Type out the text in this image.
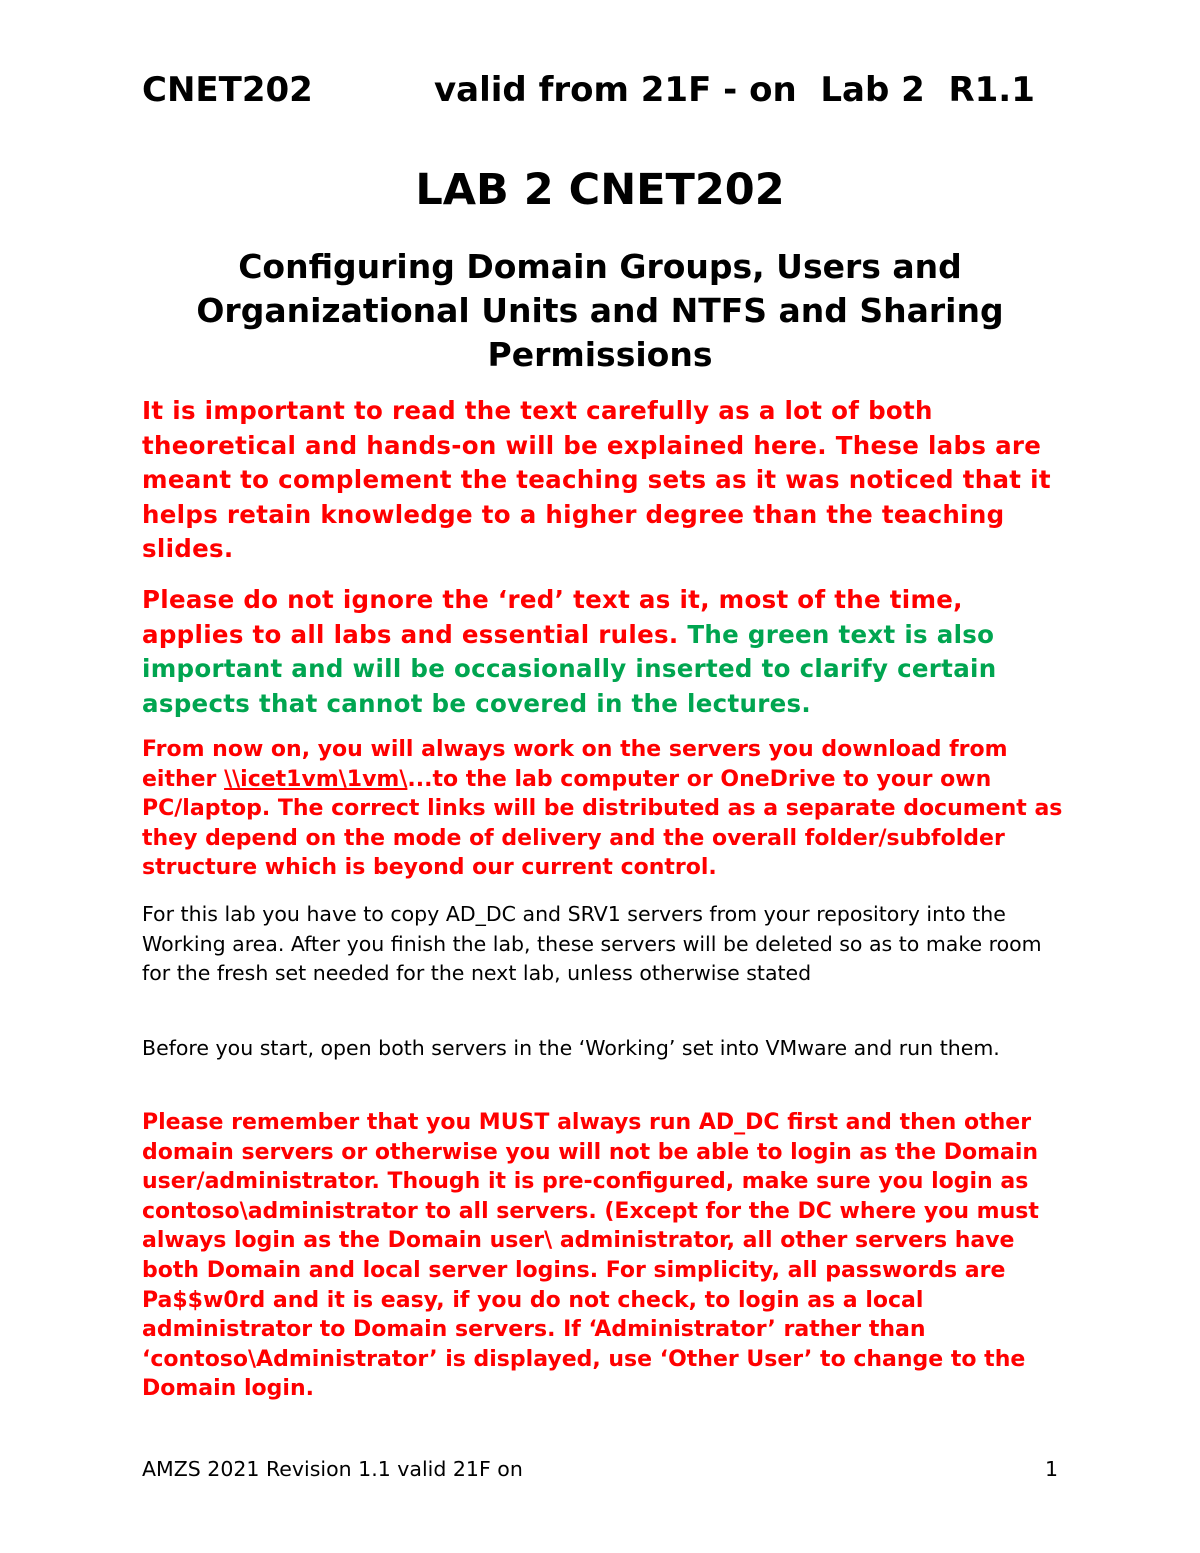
CNET202	valid from 21F - on  Lab 2  R1.1
LAB 2 CNET202
Configuring Domain Groups, Users and Organizational Units and NTFS and Sharing Permissions

It is important to read the text carefully as a lot of both theoretical and hands-on will be explained here. These labs are meant to complement the teaching sets as it was noticed that it helps retain knowledge to a higher degree than the teaching slides.

Please do not ignore the ‘red’ text as it, most of the time, applies to all labs and essential rules. The green text is also important and will be occasionally inserted to clarify certain aspects that cannot be covered in the lectures.

From now on, you will always work on the servers you download from either \\icet1vm\1vm\...to the lab computer or OneDrive to your own PC/laptop. The correct links will be distributed as a separate document as they depend on the mode of delivery and the overall folder/subfolder structure which is beyond our current control.

For this lab you have to copy AD_DC and SRV1 servers from your repository into the Working area. After you finish the lab, these servers will be deleted so as to make room for the fresh set needed for the next lab, unless otherwise stated

Before you start, open both servers in the ‘Working’ set into VMware and run them.

Please remember that you MUST always run AD_DC first and then other domain servers or otherwise you will not be able to login as the Domain user/administrator. Though it is pre-configured, make sure you login as contoso\administrator to all servers. (Except for the DC where you must always login as the Domain user\ administrator, all other servers have both Domain and local server logins. For simplicity, all passwords are Pa$$w0rd and it is easy, if you do not check, to login as a local administrator to Domain servers. If ‘Administrator’ rather than ‘contoso\Administrator’ is displayed, use ‘Other User’ to change to the Domain login.

AMZS 2021 Revision 1.1 valid 21F on	1
